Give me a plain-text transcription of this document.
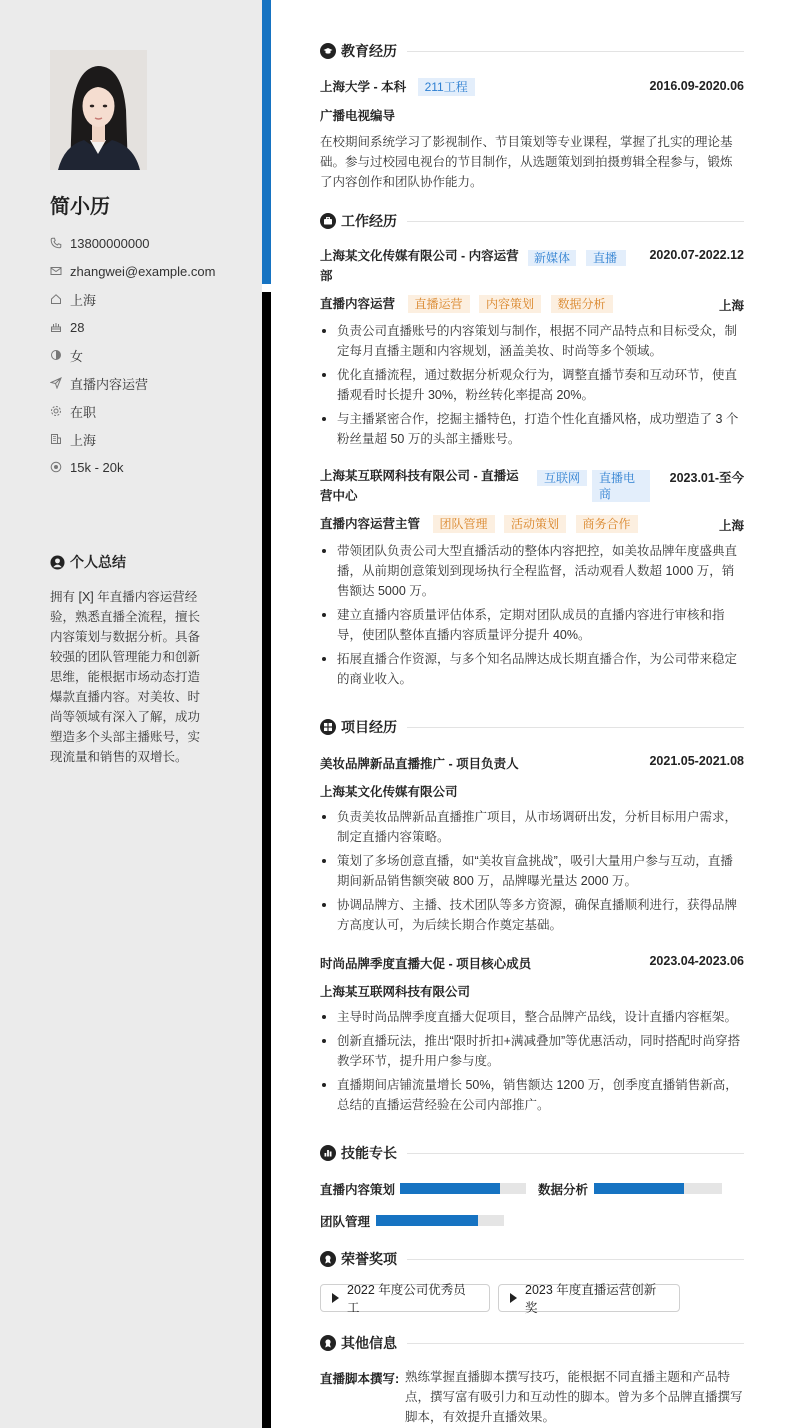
简小历
13800000000
zhangwei@example.com
上海
28
女
直播内容运营
在职
上海
15k - 20k
个人总结
拥有 [X] 年直播内容运营经验，熟悉直播全流程，擅长内容策划与数据分析。具备较强的团队管理能力和创新思维，能根据市场动态打造爆款直播内容。对美妆、时尚等领域有深入了解，成功塑造多个头部主播账号，实现流量和销售的双增长。
教育经历
上海大学 - 本科 211工程	2016.09-2020.06
广播电视编导
在校期间系统学习了影视制作、节目策划等专业课程，掌握了扎实的理论基础。参与过校园电视台的节目制作，从选题策划到拍摄剪辑全程参与，锻炼了内容创作和团队协作能力。
工作经历
上海某文化传媒有限公司 - 内容运营部
新媒体	直播	2020.07-2022.12
直播内容运营 直播运营 内容策划 数据分析	上海
负责公司直播账号的内容策划与制作，根据不同产品特点和目标受众，制定每月直播主题和内容规划，涵盖美妆、时尚等多个领域。
优化直播流程，通过数据分析观众行为，调整直播节奏和互动环节，使直播观看时长提升 30%，粉丝转化率提高 20%。
与主播紧密合作，挖掘主播特色，打造个性化直播风格，成功塑造了 3 个粉丝量超 50 万的头部主播账号。
上海某互联网科技有限公司 - 直播运营中心
互联网	直播电商
2023.01-至今
直播内容运营主管 团队管理 活动策划 商务合作	上海
带领团队负责公司大型直播活动的整体内容把控，如美妆品牌年度盛典直播，从前期创意策划到现场执行全程监督，活动观看人数超 1000 万，销售额达 5000 万。
建立直播内容质量评估体系，定期对团队成员的直播内容进行审核和指导，使团队整体直播内容质量评分提升 40%。
拓展直播合作资源，与多个知名品牌达成长期直播合作，为公司带来稳定的商业收入。
项目经历
美妆品牌新品直播推广 - 项目负责人	2021.05-2021.08
上海某文化传媒有限公司
负责美妆品牌新品直播推广项目，从市场调研出发，分析目标用户需求，制定直播内容策略。
策划了多场创意直播，如“美妆盲盒挑战”，吸引大量用户参与互动，直播期间新品销售额突破 800 万，品牌曝光量达 2000 万。
协调品牌方、主播、技术团队等多方资源，确保直播顺利进行，获得品牌方高度认可，为后续长期合作奠定基础。
时尚品牌季度直播大促 - 项目核心成员	2023.04-2023.06
上海某互联网科技有限公司
主导时尚品牌季度直播大促项目，整合品牌产品线，设计直播内容框架。
创新直播玩法，推出“限时折扣+满减叠加”等优惠活动，同时搭配时尚穿搭教学环节，提升用户参与度。
直播期间店铺流量增长 50%，销售额达 1200 万，创季度直播销售新高，总结的直播运营经验在公司内部推广。
技能专长
直播内容策划	数据分析
团队管理
荣誉奖项
2022 年度公司优秀员工
2023 年度直播运营创新奖
其他信息
直播脚本撰写: 熟练掌握直播脚本撰写技巧，能根据不同直播主题和产品特点，撰写富有吸引力和互动性的脚本。曾为多个品牌直播撰写脚本，有效提升直播效果。
